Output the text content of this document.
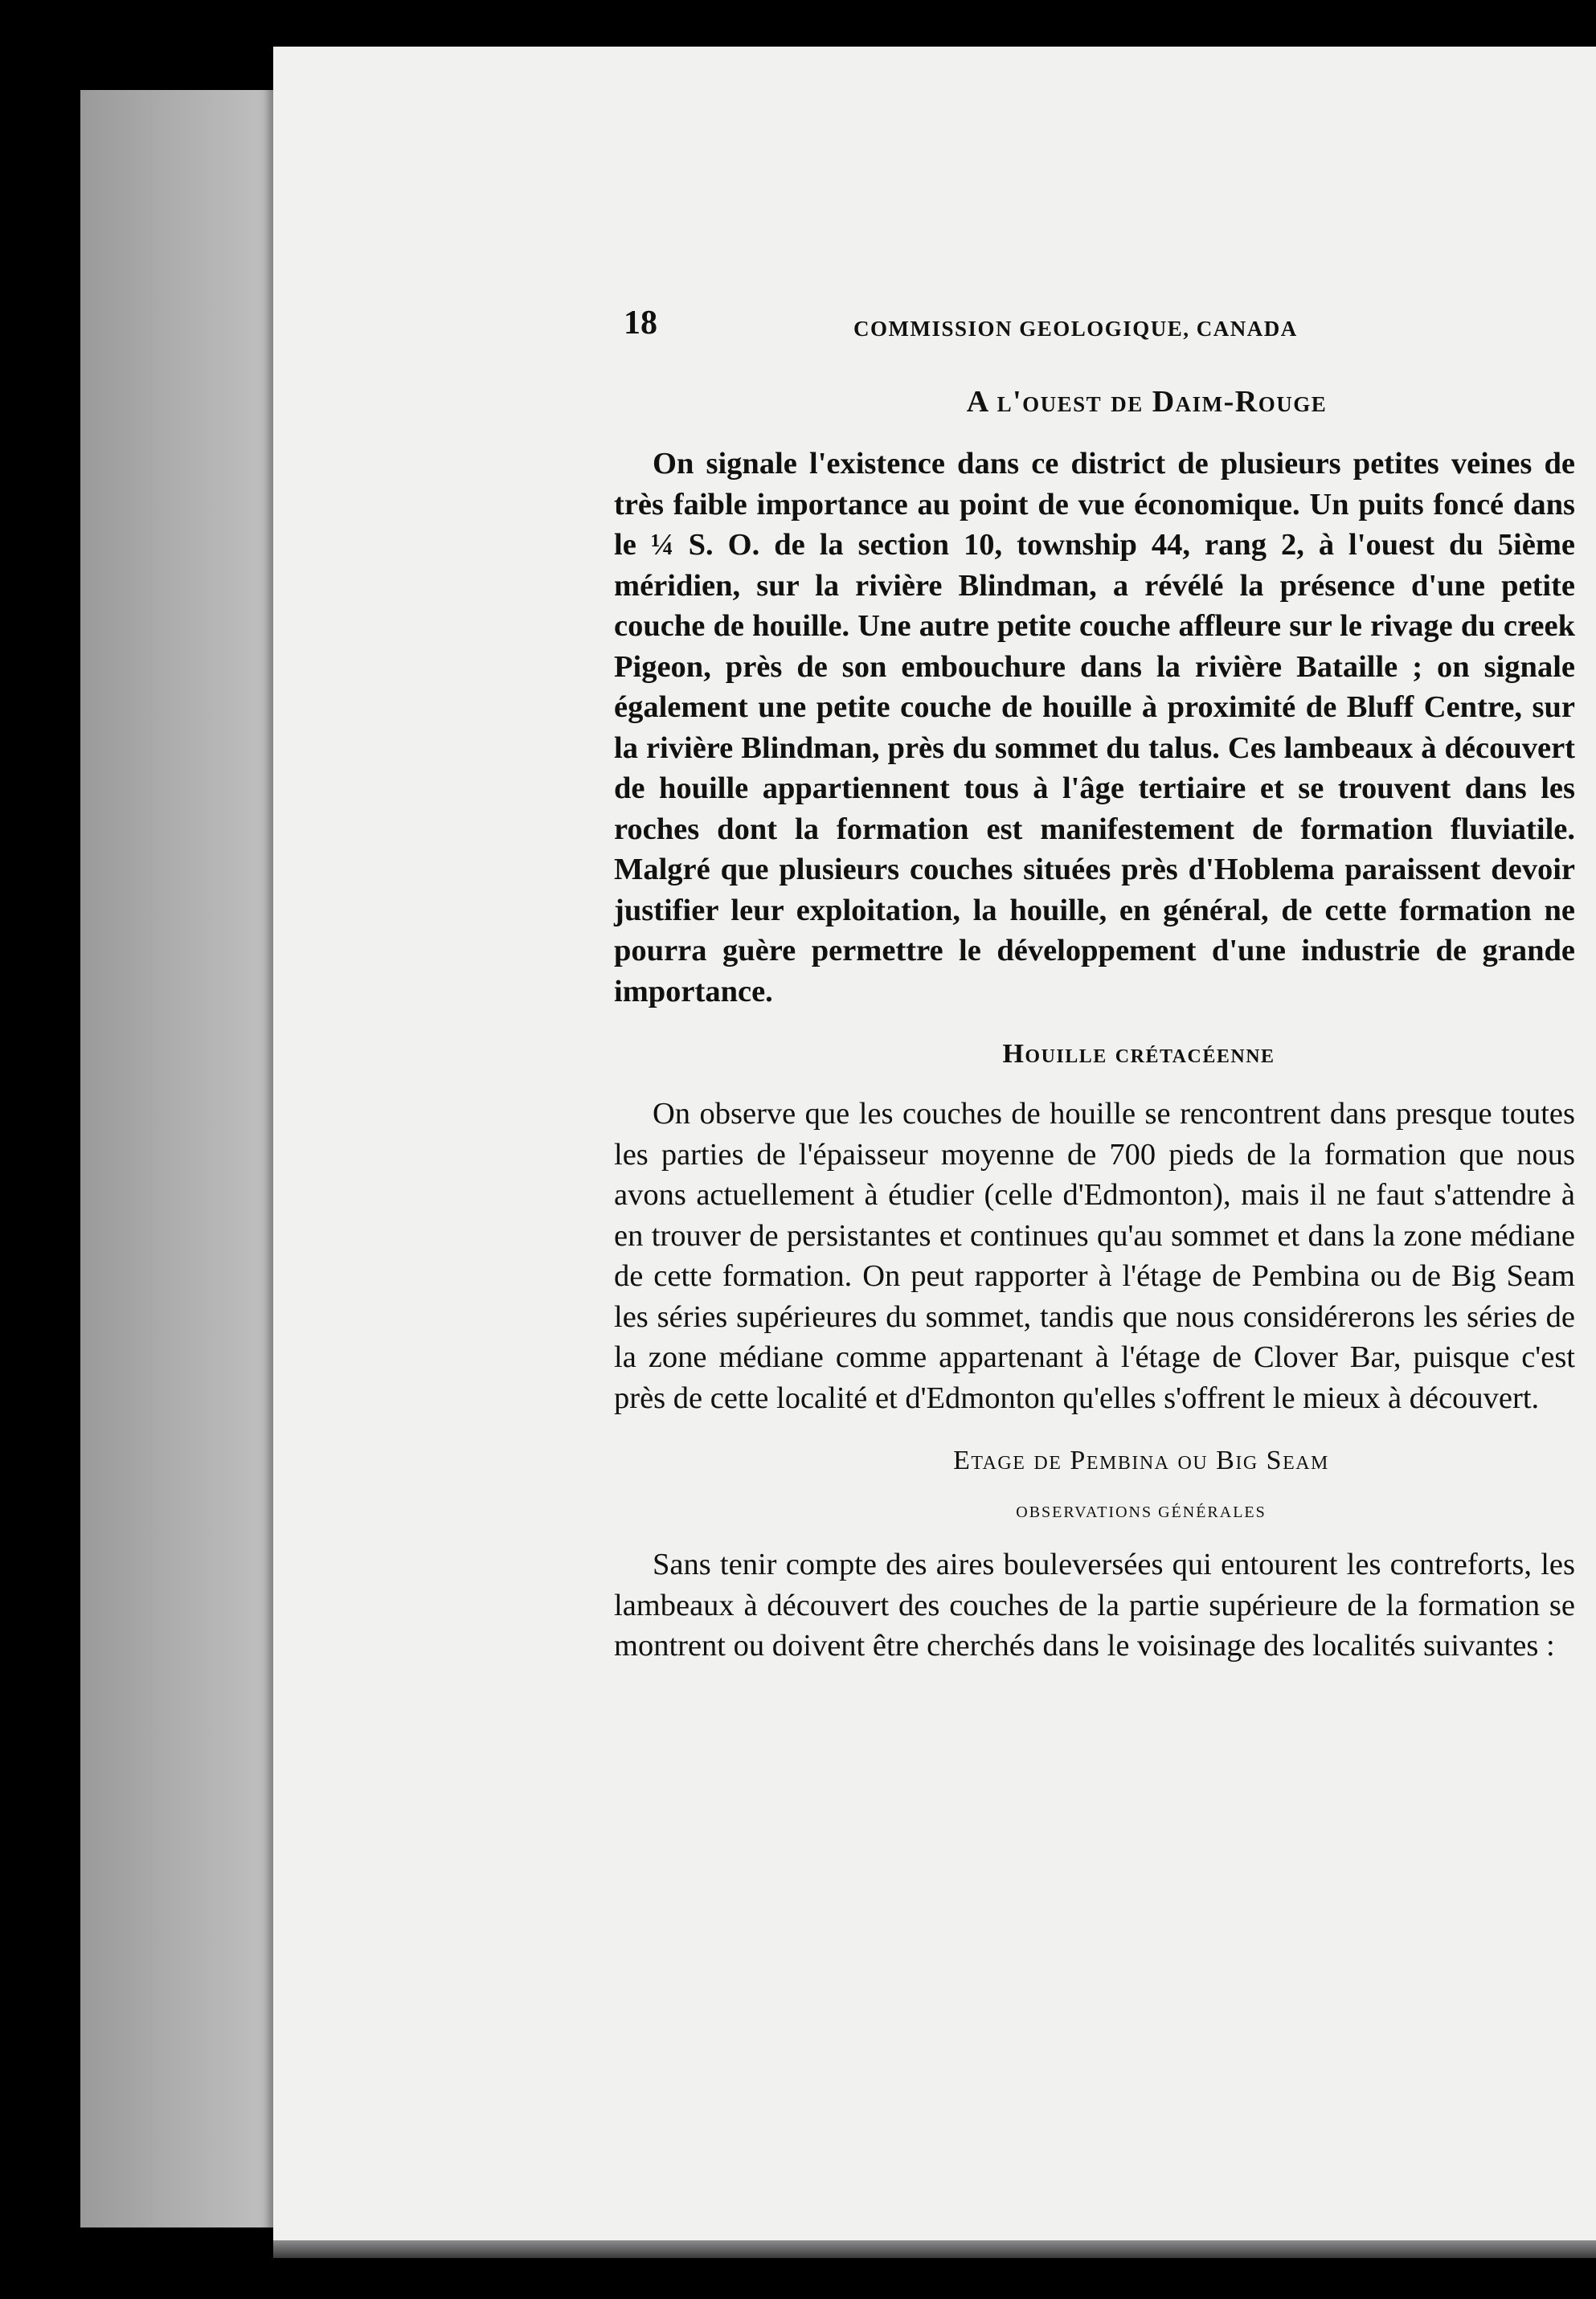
18	COMMISSION GEOLOGIQUE, CANADA
A l'ouest de Daim-Rouge

On signale l'existence dans ce district de plusieurs petites veines de très faible importance au point de vue économique. Un puits foncé dans le ¼ S. O. de la section 10, township 44, rang 2, à l'ouest du 5ième méridien, sur la rivière Blindman, a révélé la présence d'une petite couche de houille. Une autre petite couche affleure sur le rivage du creek Pigeon, près de son embouchure dans la rivière Bataille ; on signale également une petite couche de houille à proximité de Bluff Centre, sur la rivière Blindman, près du sommet du talus. Ces lambeaux à découvert de houille appartiennent tous à l'âge tertiaire et se trouvent dans les roches dont la formation est manifestement de formation fluviatile. Malgré que plusieurs couches situées près d'Hoblema paraissent devoir justifier leur exploitation, la houille, en général, de cette formation ne pourra guère permettre le développement d'une industrie de grande importance.

Houille crétacéenne

On observe que les couches de houille se rencontrent dans presque toutes les parties de l'épaisseur moyenne de 700 pieds de la formation que nous avons actuellement à étudier (celle d'Edmonton), mais il ne faut s'attendre à en trouver de persistantes et continues qu'au sommet et dans la zone médiane de cette formation. On peut rapporter à l'étage de Pembina ou de Big Seam les séries supérieures du sommet, tandis que nous considérerons les séries de la zone médiane comme appartenant à l'étage de Clover Bar, puisque c'est près de cette localité et d'Edmonton qu'elles s'offrent le mieux à découvert.

Etage de Pembina ou Big Seam
OBSERVATIONS GÉNÉRALES

Sans tenir compte des aires bouleversées qui entourent les contreforts, les lambeaux à découvert des couches de la partie supérieure de la formation se montrent ou doivent être cherchés dans le voisinage des localités suivantes :
